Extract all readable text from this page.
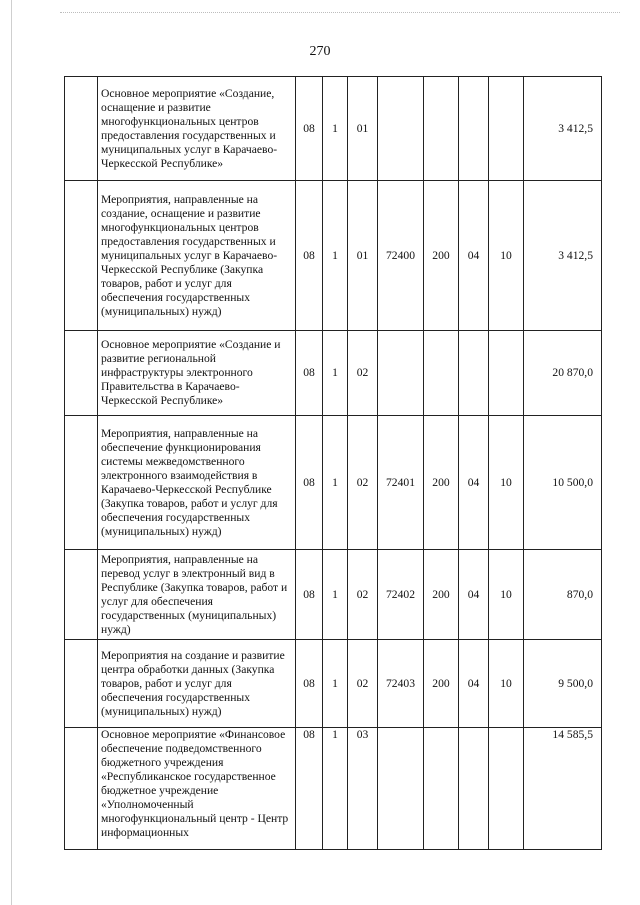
270
	Основное мероприятие «Создание, оснащение и развитие многофункциональных центров предоставления государственных и муниципальных услуг в Карачаево-Черкесской Республике»	08	1	01					3 412,5
	Мероприятия, направленные на создание, оснащение и развитие многофункциональных центров предоставления государственных и муниципальных услуг в Карачаево-Черкесской Республике (Закупка товаров, работ и услуг для обеспечения государственных (муниципальных) нужд)	08	1	01	72400	200	04	10	3 412,5
	Основное мероприятие «Создание и развитие региональной инфраструктуры электронного Правительства в Карачаево-Черкесской Республике»	08	1	02					20 870,0
	Мероприятия, направленные на обеспечение функционирования системы межведомственного электронного взаимодействия в Карачаево-Черкесской Республике (Закупка товаров, работ и услуг для обеспечения государственных (муниципальных) нужд)	08	1	02	72401	200	04	10	10 500,0
	Мероприятия, направленные на перевод услуг в электронный вид в Республике (Закупка товаров, работ и услуг для обеспечения государственных (муниципальных) нужд)	08	1	02	72402	200	04	10	870,0
	Мероприятия на создание и развитие центра обработки данных (Закупка товаров, работ и услуг для обеспечения государственных (муниципальных) нужд)	08	1	02	72403	200	04	10	9 500,0
	Основное мероприятие «Финансовое обеспечение подведомственного бюджетного учреждения «Республиканское государственное бюджетное учреждение «Уполномоченный многофункциональный центр - Центр информационных	08	1	03					14 585,5
